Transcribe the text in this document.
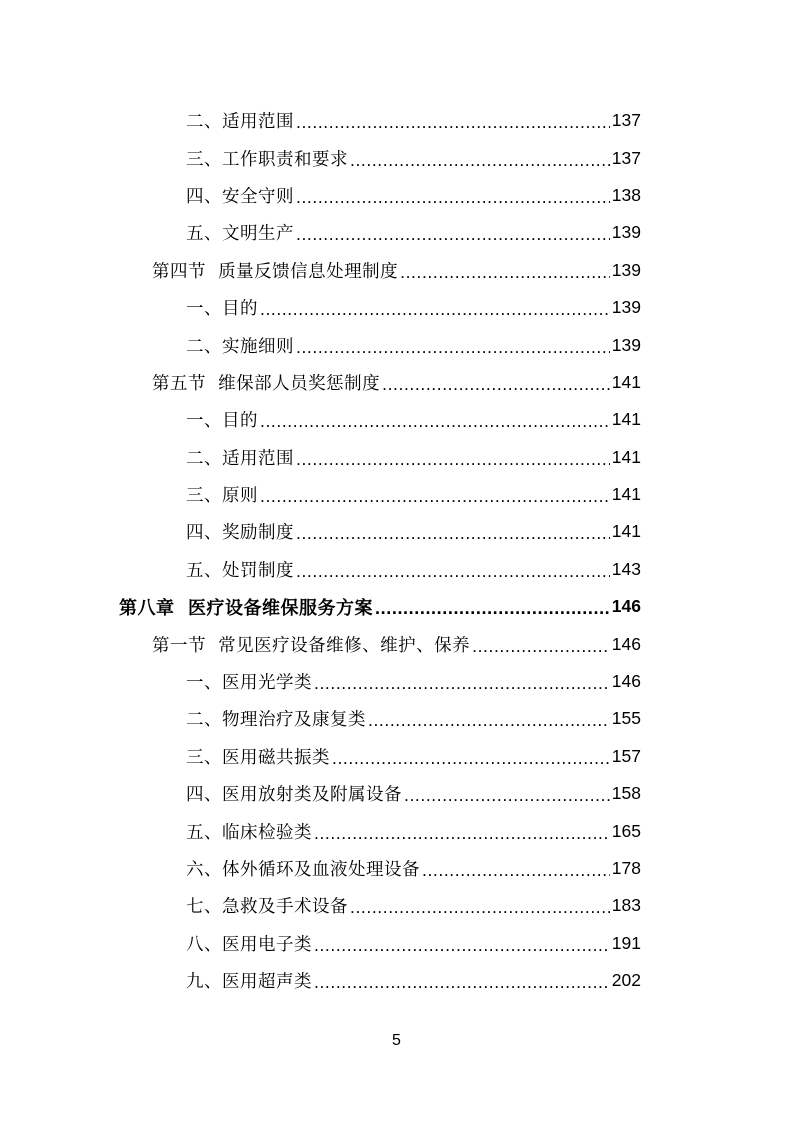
二、适用范围 .....	137
三、工作职责和要求 .....	137
四、安全守则 .....	138
五、文明生产 .....	139
第四节  质量反馈信息处理制度 .....	139
一、目的 .....	139
二、实施细则 .....	139
第五节  维保部人员奖惩制度 .....	141
一、目的 .....	141
二、适用范围 .....	141
三、原则 .....	141
四、奖励制度 .....	141
五、处罚制度 .....	143
第八章  医疗设备维保服务方案 .....	146
第一节  常见医疗设备维修、维护、保养 .....	146
一、医用光学类 .....	146
二、物理治疗及康复类 .....	155
三、医用磁共振类 .....	157
四、医用放射类及附属设备 .....	158
五、临床检验类 .....	165
六、体外循环及血液处理设备 .....	178
七、急救及手术设备 .....	183
八、医用电子类 .....	191
九、医用超声类 .....	202
5
